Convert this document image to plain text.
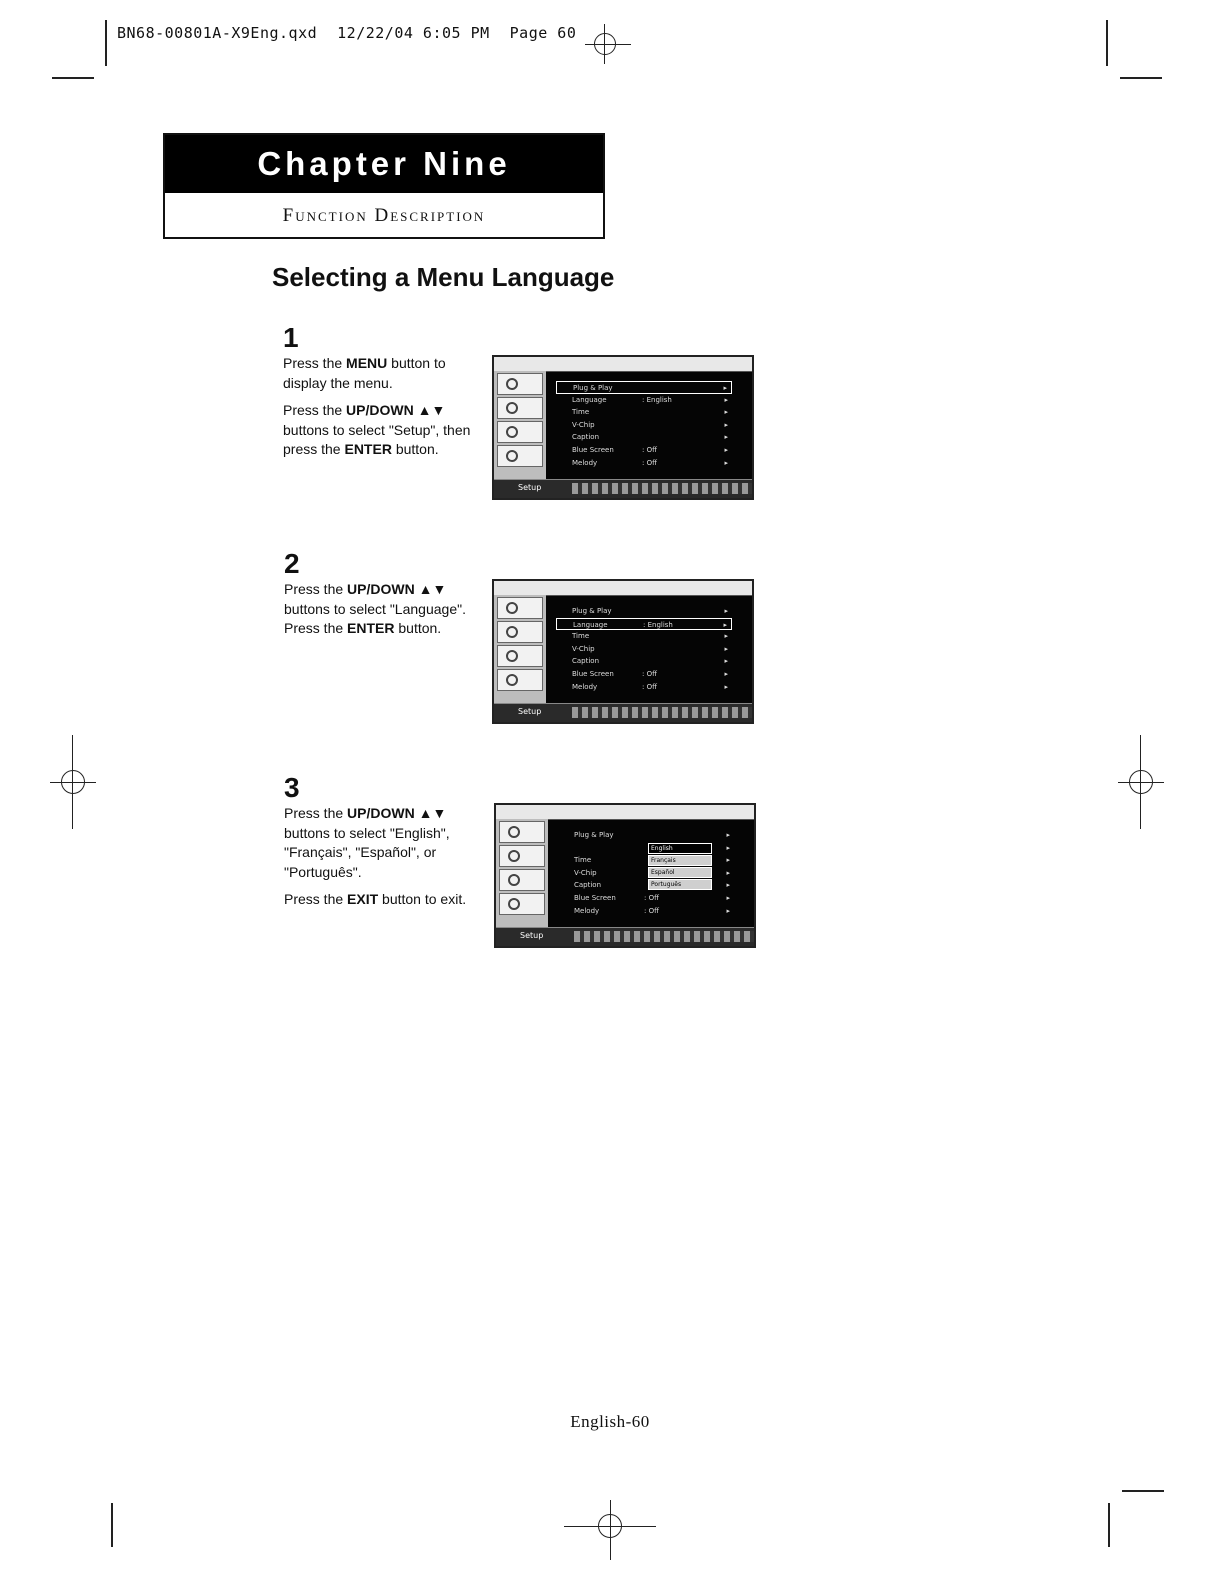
BN68-00801A-X9Eng.qxd 12/22/04 6:05 PM Page 60
Chapter Nine
Function Description
Selecting a Menu Language
1

Press the MENU button to display the menu.

Press the UP/DOWN ▲▼ buttons to select "Setup", then press the ENTER button.

2

Press the UP/DOWN ▲▼ buttons to select "Language". Press the ENTER button.

3

Press the UP/DOWN ▲▼ buttons to select "English", "Français", "Español", or "Português".

Press the EXIT button to exit.

Plug & Play	▸
Language	: English	▸
Time	▸
V-Chip	▸
Caption	▸
Blue Screen	: Off	▸
Melody	: Off	▸
Setup
Plug & Play	▸
Language	: English	▸
Time	▸
V-Chip	▸
Caption	▸
Blue Screen	: Off	▸
Melody	: Off	▸
Setup
Plug & Play	▸
▸
Time	▸
V-Chip	▸
Caption	▸
Blue Screen	: Off	▸
Melody	: Off	▸
English
Français
Español
Português
Setup
English-60
